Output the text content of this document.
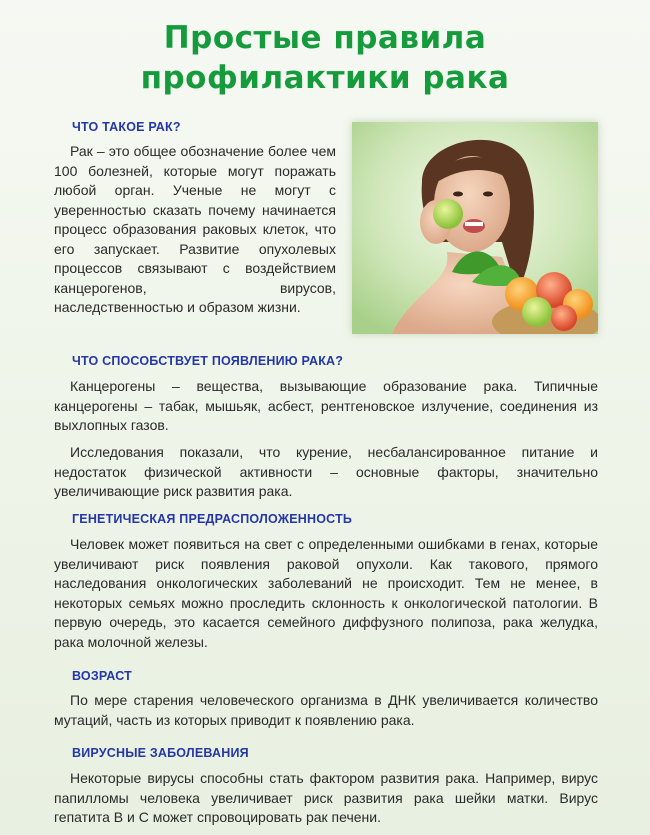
Простые правила
профилактики рака
ЧТО ТАКОЕ РАК?

Рак – это общее обозначение более чем 100 болезней, которые могут поражать любой орган. Ученые не могут с уверенностью сказать почему начинается процесс образования раковых клеток, что его запускает. Развитие опухолевых процессов связывают с воздействием канцерогенов, вирусов, наследственностью и образом жизни.

ЧТО СПОСОБСТВУЕТ ПОЯВЛЕНИЮ РАКА?

Канцерогены – вещества, вызывающие образование рака. Типичные канцерогены – табак, мышьяк, асбест, рентгеновское излучение, соединения из выхлопных газов.

Исследования показали, что курение, несбалансированное питание и недостаток физической активности – основные факторы, значительно увеличивающие риск развития рака.

ГЕНЕТИЧЕСКАЯ ПРЕДРАСПОЛОЖЕННОСТЬ

Человек может появиться на свет с определенными ошибками в генах, которые увеличивают риск появления раковой опухоли. Как такового, прямого наследования онкологических заболеваний не происходит. Тем не менее, в некоторых семьях можно проследить склонность к онкологической патологии. В первую очередь, это касается семейного диффузного полипоза, рака желудка, рака молочной железы.

ВОЗРАСТ

По мере старения человеческого организма в ДНК увеличивается количество мутаций, часть из которых приводит к появлению рака.

ВИРУСНЫЕ ЗАБОЛЕВАНИЯ

Некоторые вирусы способны стать фактором развития рака. Например, вирус папилломы человека увеличивает риск развития рака шейки матки. Вирус гепатита B и C может спровоцировать рак печени.
